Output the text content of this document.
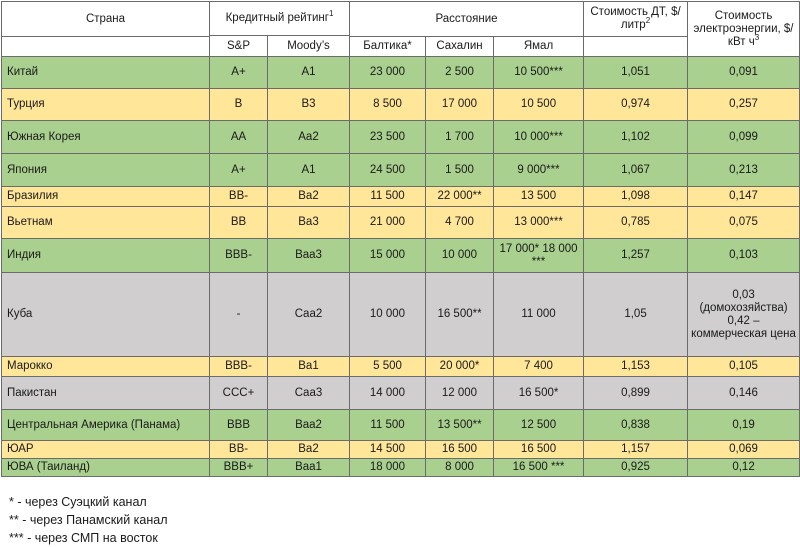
Страна	Кредитный рейтинг$^1$		Расстояние			Стоимость ДТ, $/литр$^2$	Стоимость электроэнергии, $/кВт $ч^3$
	S&P	Moody’s					
			Балтика*	Сахалин	Ямал		
Китай	A+	A1	23 000	2 500	10 500***	1,051	0,091
Турция	B	B3	8 500	17 000	10 500	0,974	0,257
Южная Корея	AA	Aa2	23 500	1 700	10 000***	1,102	0,099
Япония	A+	A1	24 500	1 500	9 000***	1,067	0,213
Бразилия	BB-	Ba2	11 500	22 000**	13 500	1,098	0,147
Вьетнам	BB	Ba3	21 000	4 700	13 000***	0,785	0,075
Индия	BBB-	Baa3	15 000	10 000	17 000* 18 000 ***	1,257	0,103
Куба	-	Caa2	10 000	16 500**	11 000	1,05	0,03 (домохозяйства) 0,42 – коммерческая цена
Марокко	BBB-	Ba1	5 500	20 000*	7 400	1,153	0,105
Пакистан	CCC+	Caa3	14 000	12 000	16 500*	0,899	0,146
Центральная Америка (Панама)	BBB	Baa2	11 500	13 500**	12 500	0,838	0,19
ЮАР	BB-	Ba2	14 500	16 500	16 500	1,157	0,069
ЮВА (Таиланд)	BBB+	Baa1	18 000	8 000	16 500 ***	0,925	0,12
* - через Суэцкий канал
** - через Панамский канал
*** - через СМП на восток
